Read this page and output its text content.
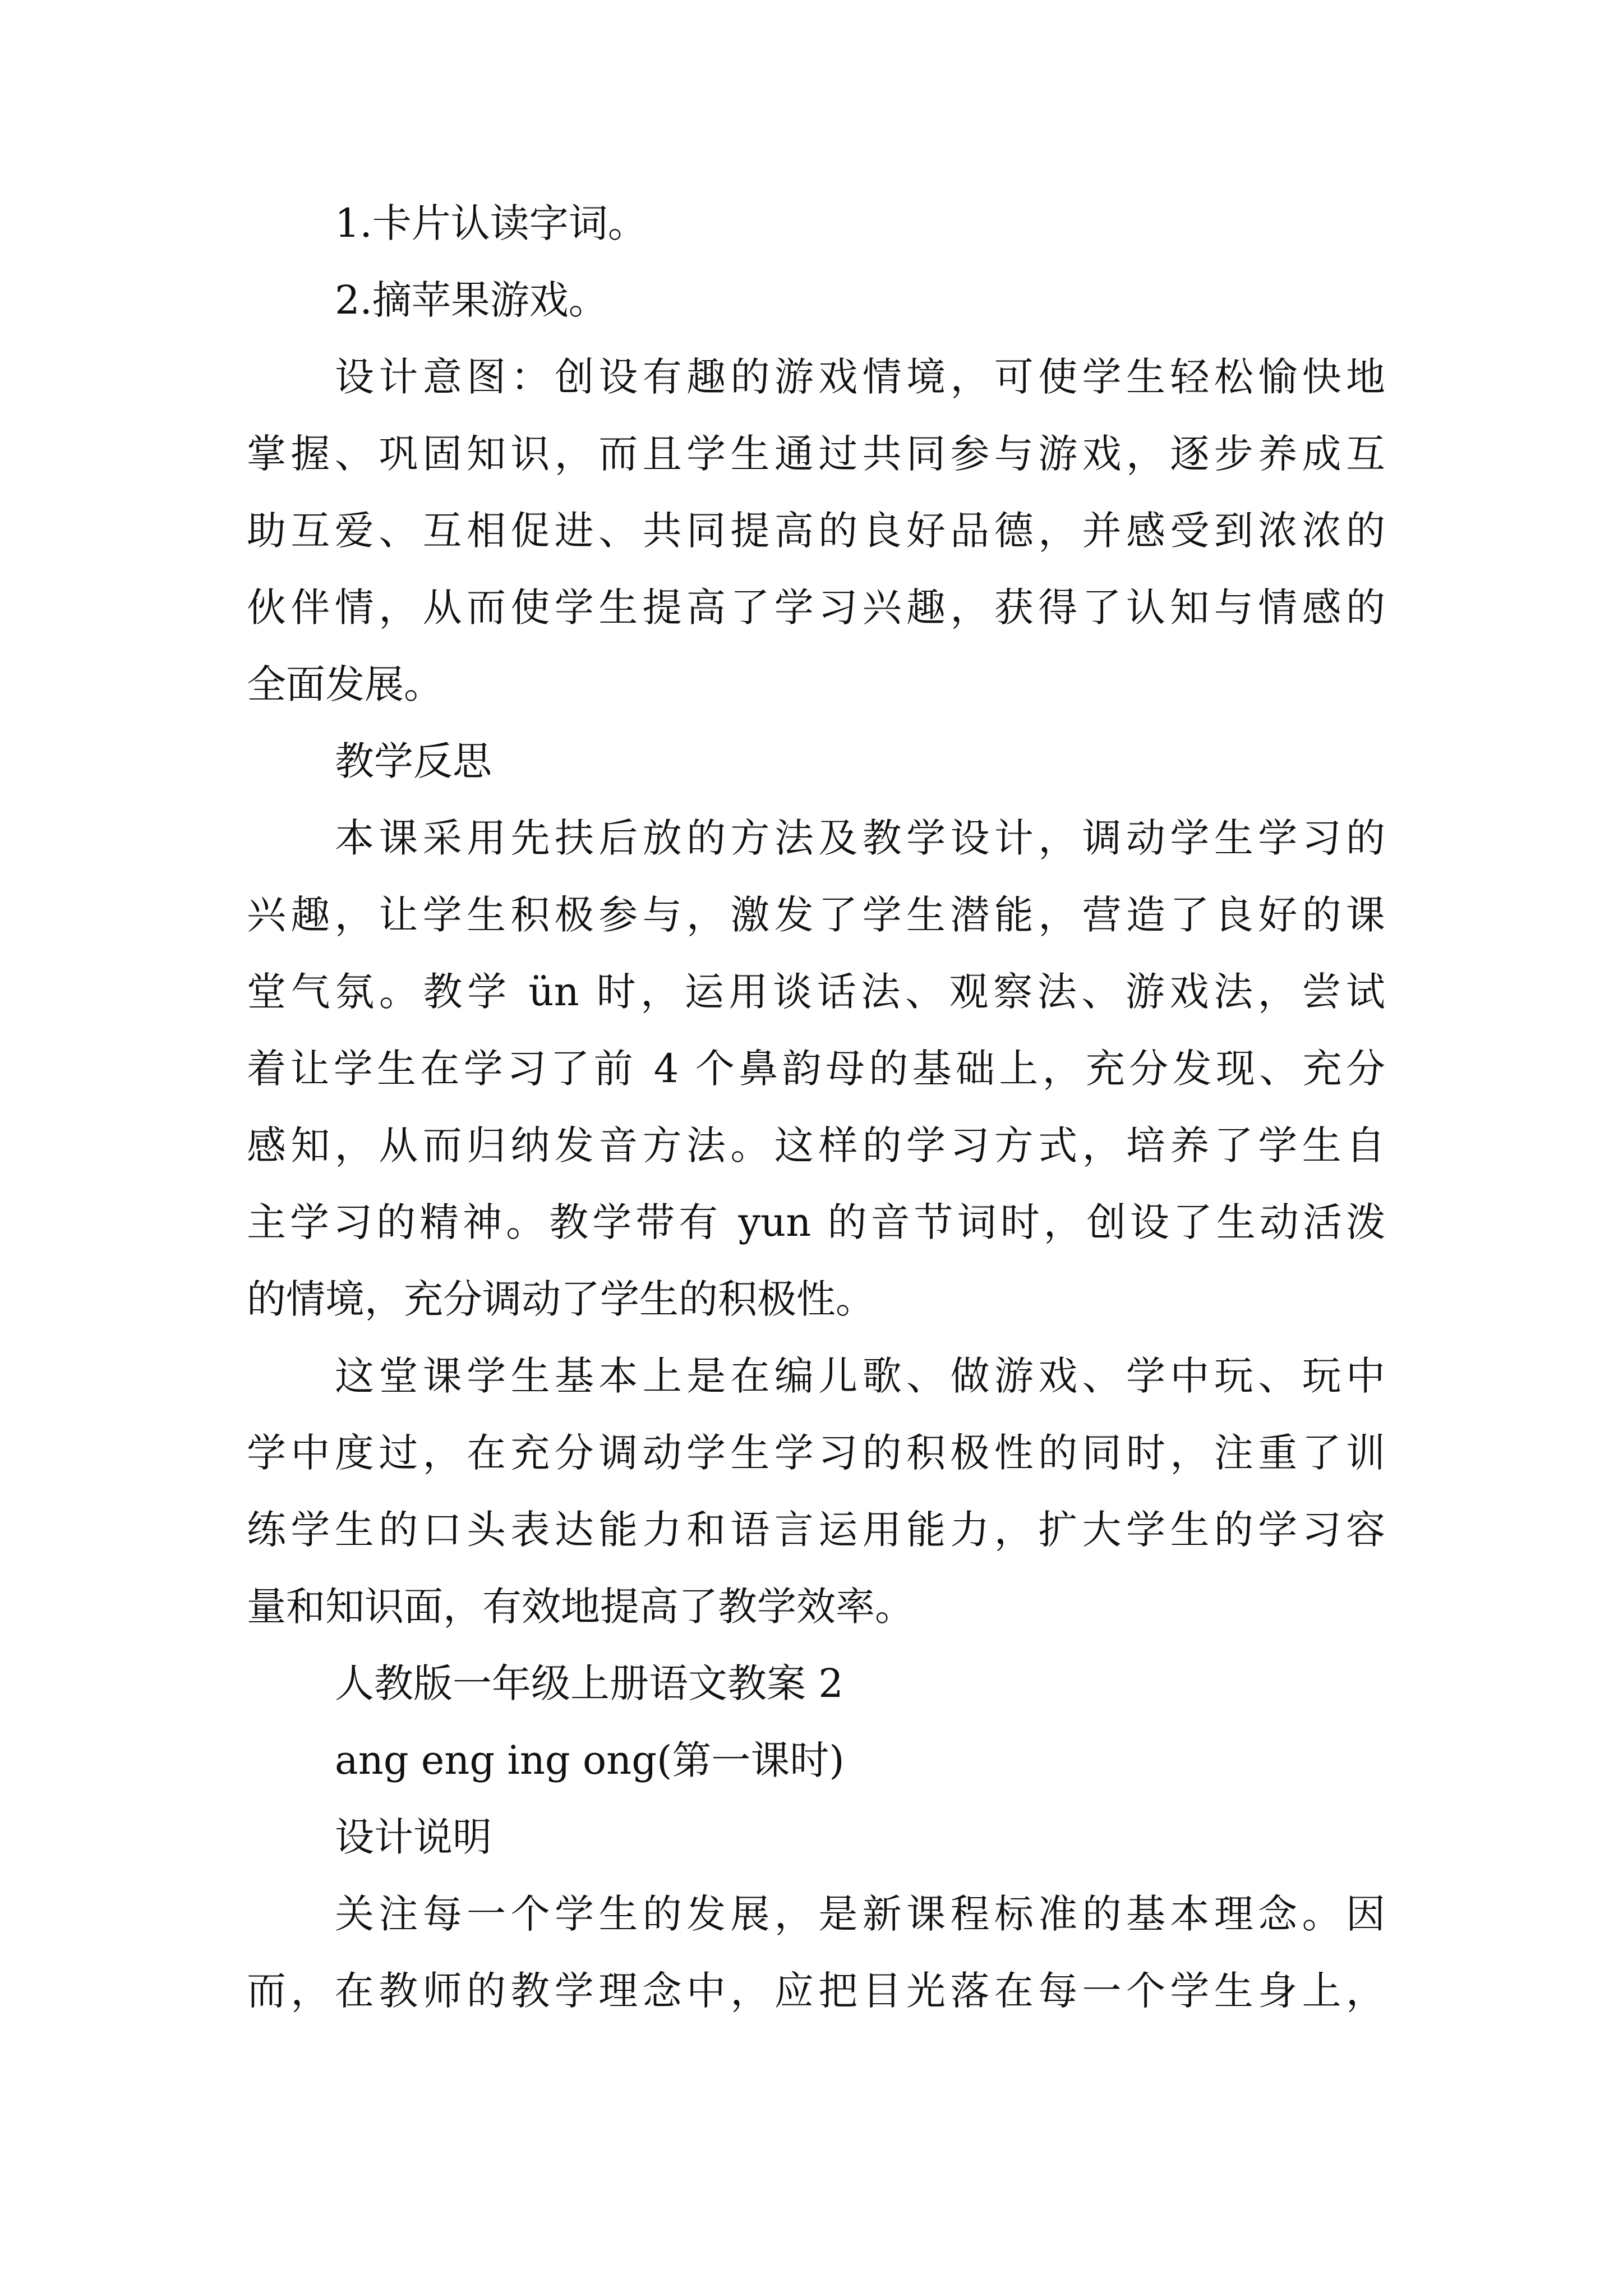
1.卡片认读字词。
2.摘苹果游戏。
设计意图：创设有趣的游戏情境，可使学生轻松愉快地
掌握、巩固知识，而且学生通过共同参与游戏，逐步养成互
助互爱、互相促进、共同提高的良好品德，并感受到浓浓的
伙伴情，从而使学生提高了学习兴趣，获得了认知与情感的
全面发展。
教学反思
本课采用先扶后放的方法及教学设计，调动学生学习的
兴趣，让学生积极参与，激发了学生潜能，营造了良好的课
堂气氛。教学 ün 时，运用谈话法、观察法、游戏法，尝试
着让学生在学习了前 4 个鼻韵母的基础上，充分发现、充分
感知，从而归纳发音方法。这样的学习方式，培养了学生自
主学习的精神。教学带有 yun 的音节词时，创设了生动活泼
的情境，充分调动了学生的积极性。
这堂课学生基本上是在编儿歌、做游戏、学中玩、玩中
学中度过，在充分调动学生学习的积极性的同时，注重了训
练学生的口头表达能力和语言运用能力，扩大学生的学习容
量和知识面，有效地提高了教学效率。
人教版一年级上册语文教案 2
ang eng ing ong(第一课时)
设计说明
关注每一个学生的发展，是新课程标准的基本理念。因
而，在教师的教学理念中，应把目光落在每一个学生身上，
